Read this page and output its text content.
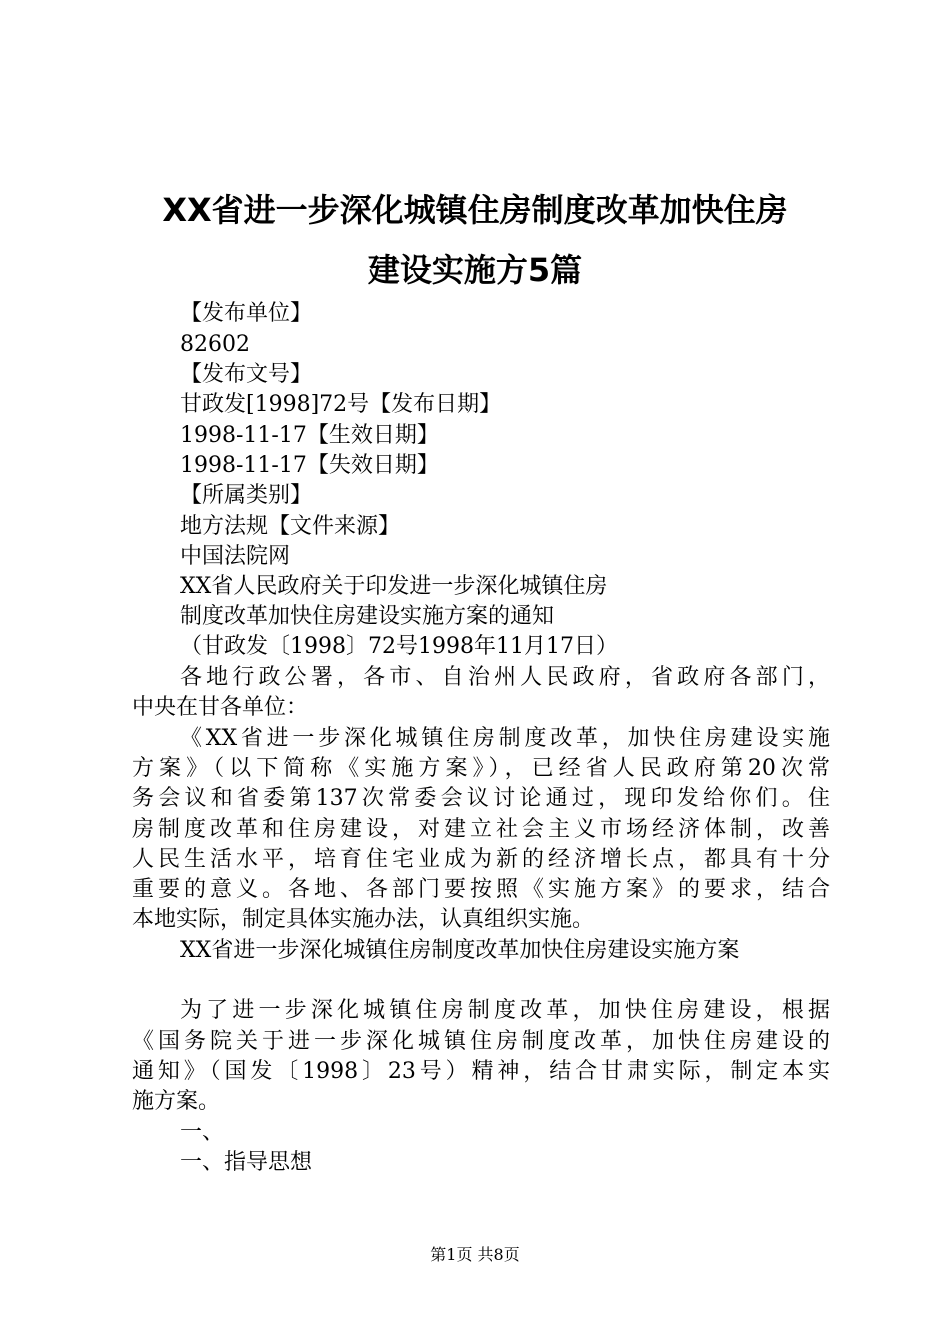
XX省进一步深化城镇住房制度改革加快住房
建设实施方5篇
【发布单位】
82602
【发布文号】
甘政发[1998]72号【发布日期】
1998-11-17【生效日期】
1998-11-17【失效日期】
【所属类别】
地方法规【文件来源】
中国法院网
XX省人民政府关于印发进一步深化城镇住房
制度改革加快住房建设实施方案的通知
（甘政发〔1998〕72号1998年11月17日）
各地行政公署，各市、自治州人民政府，省政府各部门，
中央在甘各单位：
《XX省进一步深化城镇住房制度改革，加快住房建设实施
方案》（以下简称《实施方案》），已经省人民政府第20次常
务会议和省委第137次常委会议讨论通过，现印发给你们。住
房制度改革和住房建设，对建立社会主义市场经济体制，改善
人民生活水平，培育住宅业成为新的经济增长点，都具有十分
重要的意义。各地、各部门要按照《实施方案》的要求，结合
本地实际，制定具体实施办法，认真组织实施。
XX省进一步深化城镇住房制度改革加快住房建设实施方案
为了进一步深化城镇住房制度改革，加快住房建设，根据
《国务院关于进一步深化城镇住房制度改革，加快住房建设的
通知》（国发〔1998〕23号）精神，结合甘肃实际，制定本实
施方案。
一、
一、指导思想
第1页 共8页
